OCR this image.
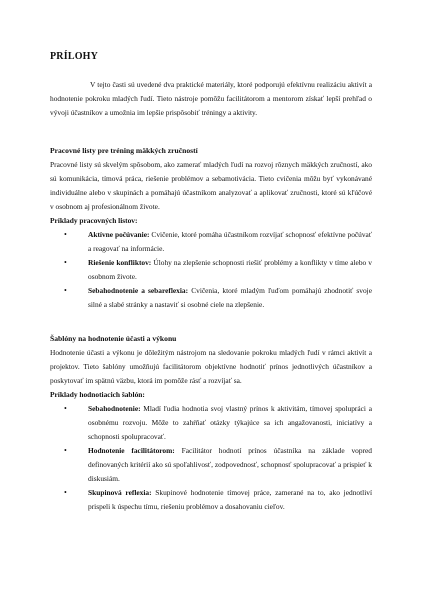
PRÍLOHY

V tejto časti sú uvedené dva praktické materiály, ktoré podporujú efektívnu realizáciu aktivít a hodnotenie pokroku mladých ľudí. Tieto nástroje pomôžu facilitátorom a mentorom získať lepší prehľad o vývoji účastníkov a umožnia im lepšie prispôsobiť tréningy a aktivity.

Pracovné listy pre tréning mäkkých zručností

Pracovné listy sú skvelým spôsobom, ako zamerať mladých ľudí na rozvoj rôznych mäkkých zručností, ako sú komunikácia, tímová práca, riešenie problémov a sebamotivácia. Tieto cvičenia môžu byť vykonávané individuálne alebo v skupinách a pomáhajú účastníkom analyzovať a aplikovať zručnosti, ktoré sú kľúčové v osobnom aj profesionálnom živote.

Príklady pracovných listov:
•	Aktívne počúvanie: Cvičenie, ktoré pomáha účastníkom rozvíjať schopnosť efektívne počúvať a reagovať na informácie.
•	Riešenie konfliktov: Úlohy na zlepšenie schopnosti riešiť problémy a konflikty v tíme alebo v osobnom živote.
•	Sebahodnotenie a sebareflexia: Cvičenia, ktoré mladým ľuďom pomáhajú zhodnotiť svoje silné a slabé stránky a nastaviť si osobné ciele na zlepšenie.
Šablóny na hodnotenie účasti a výkonu

Hodnotenie účasti a výkonu je dôležitým nástrojom na sledovanie pokroku mladých ľudí v rámci aktivít a projektov. Tieto šablóny umožňujú facilitátorom objektívne hodnotiť prínos jednotlivých účastníkov a poskytovať im spätnú väzbu, ktorá im pomôže rásť a rozvíjať sa.

Príklady hodnotiacich šablón:
•	Sebahodnotenie: Mladí ľudia hodnotia svoj vlastný prínos k aktivitám, tímovej spolupráci a osobnému rozvoju. Môže to zahŕňať otázky týkajúce sa ich angažovanosti, iniciatívy a schopnosti spolupracovať.
•	Hodnotenie facilitátorom: Facilitátor hodnotí prínos účastníka na základe vopred definovaných kritérií ako sú spoľahlivosť, zodpovednosť, schopnosť spolupracovať a prispieť k diskusiám.
•	Skupinová reflexia: Skupinové hodnotenie tímovej práce, zamerané na to, ako jednotliví prispeli k úspechu tímu, riešeniu problémov a dosahovaniu cieľov.
